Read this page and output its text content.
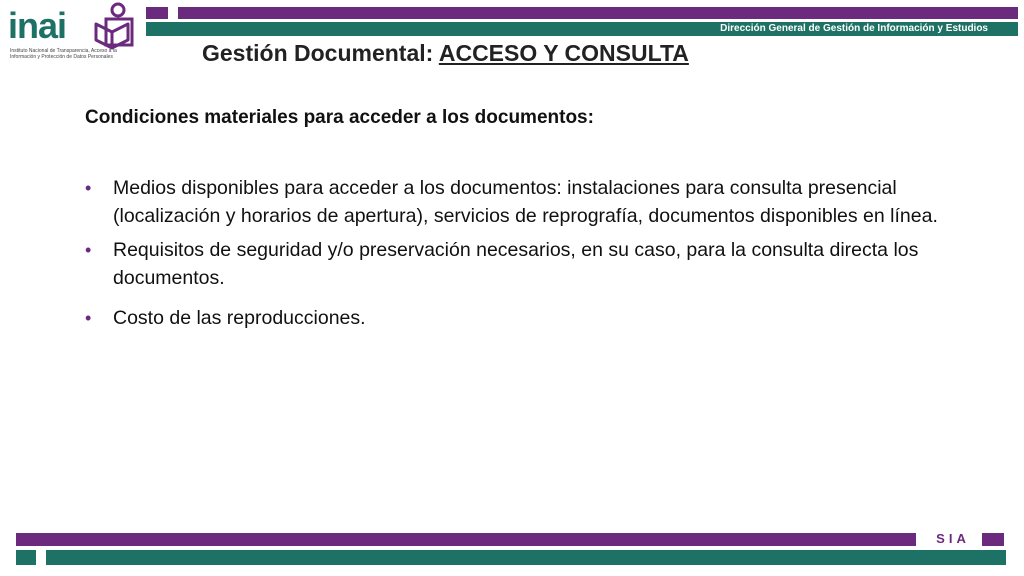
Dirección General de Gestión de Información y Estudios
inai
Instituto Nacional de Transparencia, Acceso a la Información y Protección de Datos Personales	Gestión Documental: ACCESO Y CONSULTA
Condiciones materiales para acceder a los documentos:
• Medios disponibles para acceder a los documentos: instalaciones para consulta presencial (localización y horarios de apertura), servicios de reprografía, documentos disponibles en línea.
• Requisitos de seguridad y/o preservación necesarios, en su caso, para la consulta directa los documentos.
• Costo de las reproducciones.
SIA
